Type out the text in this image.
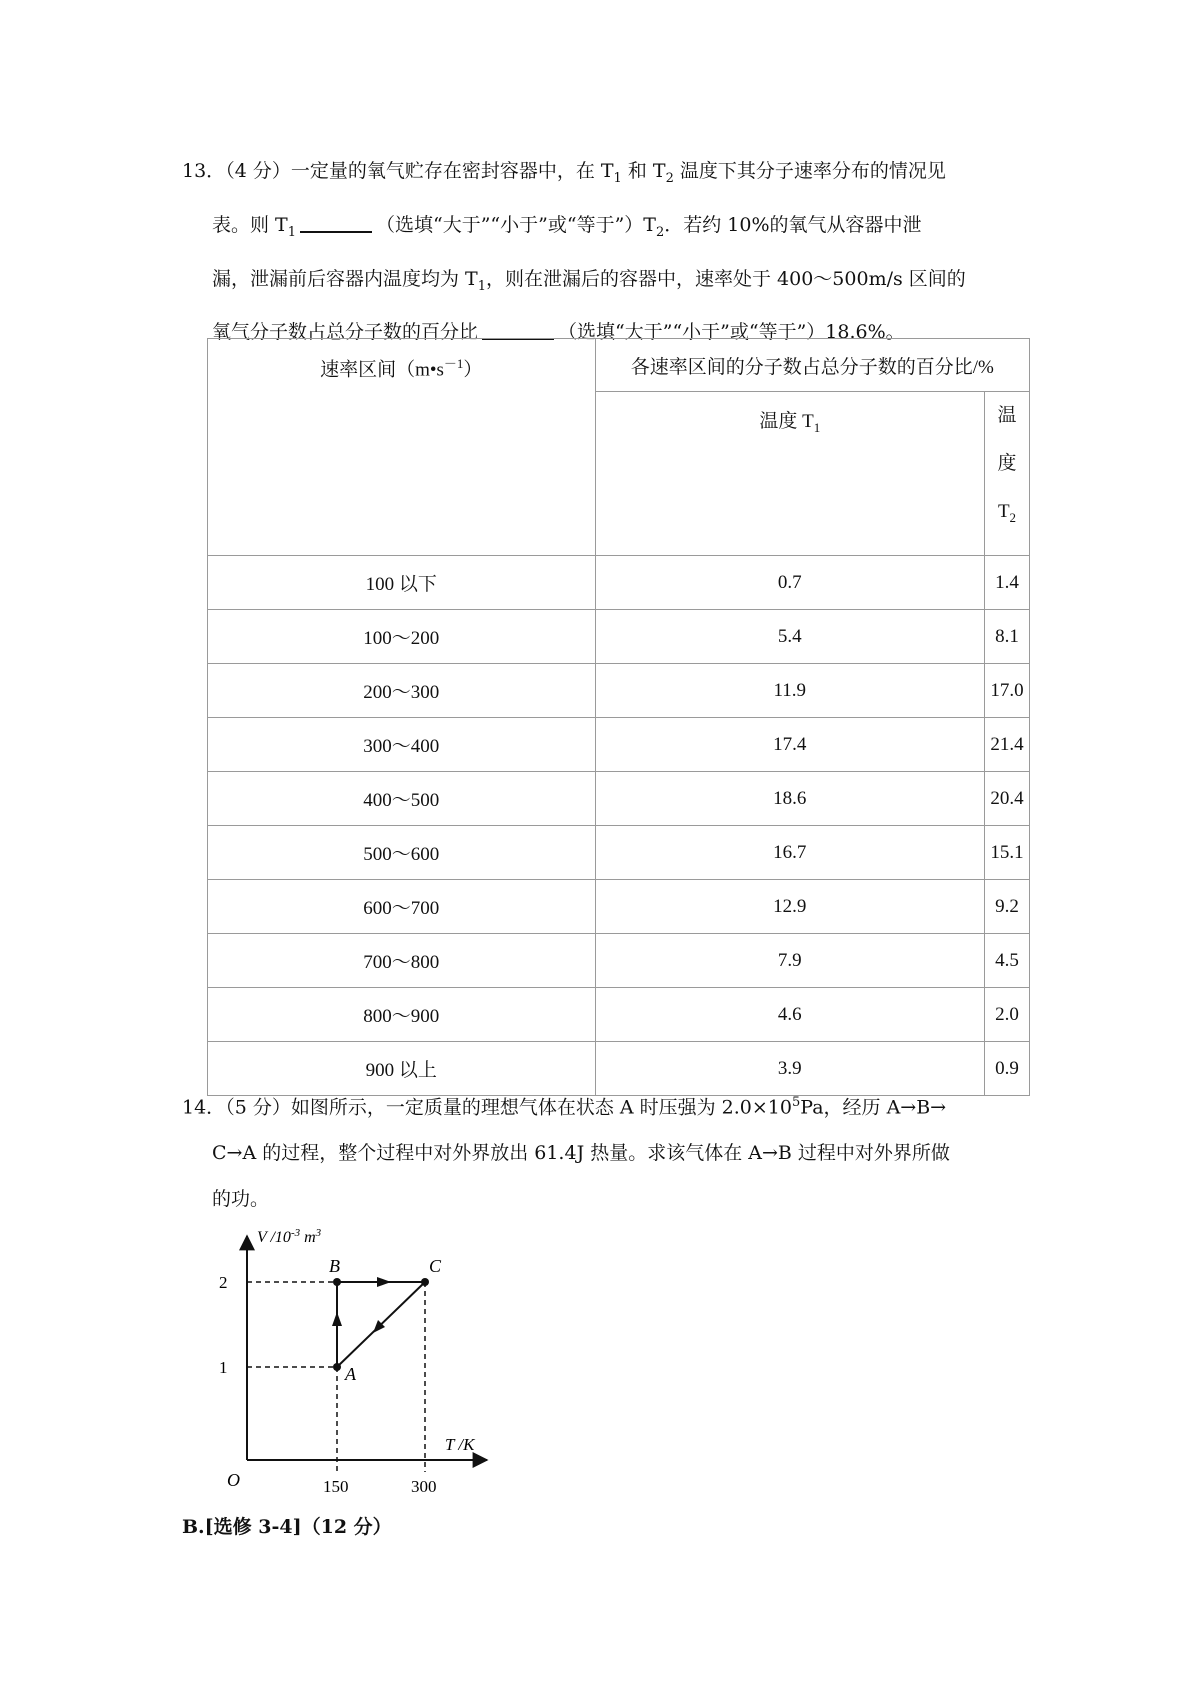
13．（4 分）一定量的氧气贮存在密封容器中，在 $T_1$ 和 $T_2$ 温度下其分子速率分布的情况见

表。则 $T_1$	（选填“大于”“小于”或“等于$”)T_2$．若约 10%的氧气从容器中泄

漏，泄漏前后容器内温度均为 $T_1$，则在泄漏后的容器中，速率处于 400～500m/s 区间的

氧气分子数占总分子数的百分比	（选填“大于”“小于”或“等于”）18.6%。

速率区间$(m•s^{-1})$	各速率区间的分子数占总分子数的百分比/%	
	温度 $T_1$	温
度
$T_2$

100 以下	0.7	1.4
100～200	5.4	8.1
200～300	11.9	17.0
300～400	17.4	21.4
400～500	18.6	20.4
500～600	16.7	15.1
600～700	12.9	9.2
700～800	7.9	4.5
800～900	4.6	2.0
900 以上	3.9	0.9

14．（5 分）如图所示，一定质量的理想气体在状态 A 时压强为 $2.0\times 10^5Pa$，经历 A→B→

C→A 的过程，整个过程中对外界放出 61.4J 热量。求该气体在 A→B 过程中对外界所做

的功。

V $/10^{-3}$ $m^3$
T /K
O
2
1
150	300
A
B	C
B.[选修 3-4]（12 分）
